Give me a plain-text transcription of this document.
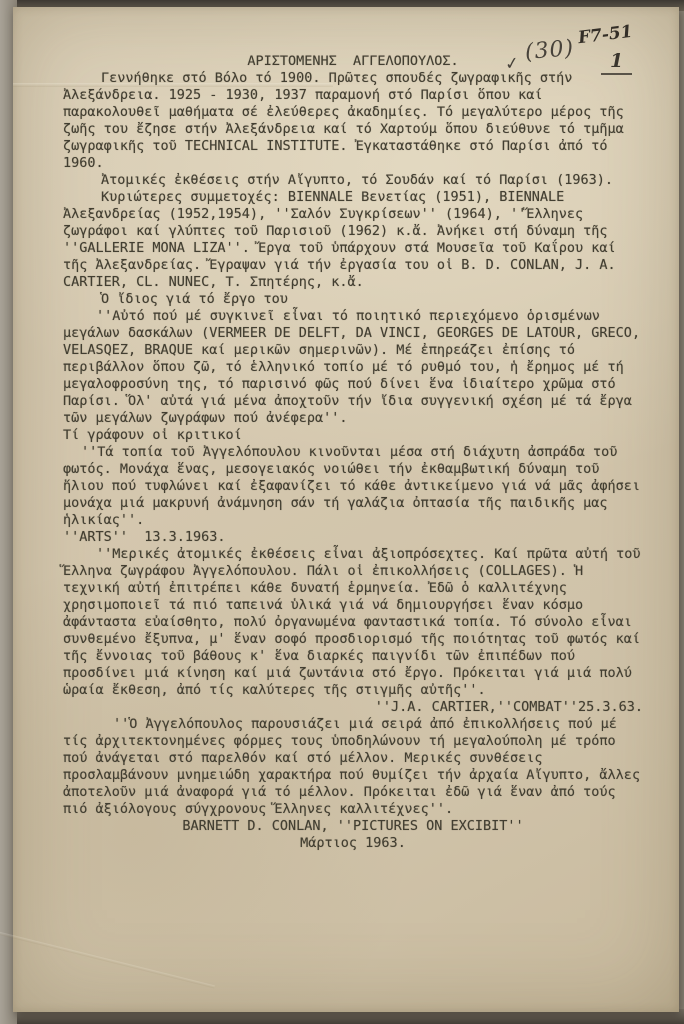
✓ (30)
F7-51
1

ΑΡΙΣΤΟΜΕΝΗΣ  ΑΓΓΕΛΟΠΟΥΛΟΣ.

Γεννήθηκε στό Βόλο τό 1900. Πρῶτες σπουδές ζωγραφικῆς στήν Ἀλεξάνδρεια. 1925 - 1930, 1937 παραμονή στό Παρίσι ὅπου καί παρακολουθεῖ μαθήματα σέ ἐλεύθερες ἀκαδημίες. Τό μεγαλύτερο μέρος τῆς ζωῆς του ἔζησε στήν Ἀλεξάνδρεια καί τό Χαρτούμ ὅπου διεύθυνε τό τμῆμα ζωγραφικῆς τοῦ TECHNICAL INSTITUTE. Ἐγκαταστάθηκε στό Παρίσι ἀπό τό 1960.

Ἀτομικές ἐκθέσεις στήν Αἴγυπτο, τό Σουδάν καί τό Παρίσι (1963).

Κυριώτερες συμμετοχές: BIENNALE Βενετίας (1951), BIENNALE Ἀλεξανδρείας (1952,1954), ''Σαλόν Συγκρίσεων'' (1964), ''Ἕλληνες ζωγράφοι καί γλύπτες τοῦ Παρισιοῦ (1962) κ.ἄ. Ἀνήκει στή δύναμη τῆς ''GALLERIE MONA LIZA''. Ἔργα τοῦ ὑπάρχουν στά Μουσεῖα τοῦ Καΐρου καί τῆς Ἀλεξανδρείας. Ἔγραψαν γιά τήν ἐργασία του οἱ B. D. CONLAN, J. A. CARTIER, CL. NUNEC, Τ. Σπητέρης, κ.ἄ.

Ὁ ἴδιος γιά τό ἔργο του

''Αὐτό πού μέ συγκινεῖ εἶναι τό ποιητικό περιεχόμενο ὁρισμένων μεγάλων δασκάλων (VERMEER DE DELFT, DA VINCI, GEORGES DE LATOUR, GRECO, VELASQEZ, BRAQUE καί μερικῶν σημερινῶν). Μέ ἐπηρεάζει ἐπίσης τό περιβάλλον ὅπου ζῶ, τό ἑλληνικό τοπίο μέ τό ρυθμό του, ἡ ἔρημος μέ τή μεγαλοφροσύνη της, τό παρισινό φῶς πού δίνει ἕνα ἰδιαίτερο χρῶμα στό Παρίσι. Ὅλ' αὐτά γιά μένα ἀποχτοῦν τήν ἴδια συγγενική σχέση μέ τά ἔργα τῶν μεγάλων ζωγράφων πού ἀνέφερα''.

Τί γράφουν οἱ κριτικοί

''Τά τοπία τοῦ Ἀγγελόπουλου κινοῦνται μέσα στή διάχυτη ἀσπράδα τοῦ φωτός. Μονάχα ἕνας, μεσογειακός νοιώθει τήν ἐκθαμβωτική δύναμη τοῦ ἥλιου πού τυφλώνει καί ἐξαφανίζει τό κάθε ἀντικείμενο γιά νά μᾶς ἀφήσει μονάχα μιά μακρυνή ἀνάμνηση σάν τή γαλάζια ὀπτασία τῆς παιδικῆς μας ἡλικίας''.

''ARTS''  13.3.1963.

''Μερικές ἀτομικές ἐκθέσεις εἶναι ἀξιοπρόσεχτες. Καί πρῶτα αὐτή τοῦ Ἕλληνα ζωγράφου Ἀγγελόπουλου. Πάλι οἱ ἐπικολλήσεις (COLLAGES). Ἡ τεχνική αὐτή ἐπιτρέπει κάθε δυνατή ἑρμηνεία. Ἐδῶ ὁ καλλιτέχνης χρησιμοποιεῖ τά πιό ταπεινά ὑλικά γιά νά δημιουργήσει ἕναν κόσμο ἀφάνταστα εὐαίσθητο, πολύ ὀργανωμένα φανταστικά τοπία. Τό σύνολο εἶναι συνθεμένο ἔξυπνα, μ' ἕναν σοφό προσδιορισμό τῆς ποιότητας τοῦ φωτός καί τῆς ἔννοιας τοῦ βάθους κ' ἕνα διαρκές παιγνίδι τῶν ἐπιπέδων πού προσδίνει μιά κίνηση καί μιά ζωντάνια στό ἔργο. Πρόκειται γιά μιά πολύ ὡραία ἔκθεση, ἀπό τίς καλύτερες τῆς στιγμῆς αὐτῆς''.

''J.A. CARTIER,''COMBAT''25.3.63.

''Ὁ Ἀγγελόπουλος παρουσιάζει μιά σειρά ἀπό ἐπικολλήσεις πού μέ τίς ἀρχιτεκτονημένες φόρμες τους ὑποδηλώνουν τή μεγαλούπολη μέ τρόπο πού ἀνάγεται στό παρελθόν καί στό μέλλον. Μερικές συνθέσεις προσλαμβάνουν μνημειώδη χαρακτήρα πού θυμίζει τήν ἀρχαία Αἴγυπτο, ἄλλες ἀποτελοῦν μιά ἀναφορά γιά τό μέλλον. Πρόκειται ἐδῶ γιά ἕναν ἀπό τούς πιό ἀξιόλογους σύγχρονους Ἕλληνες καλλιτέχνες''.

BARNETT D. CONLAN, ''PICTURES ON EXCIBIT''

Μάρτιος 1963.
